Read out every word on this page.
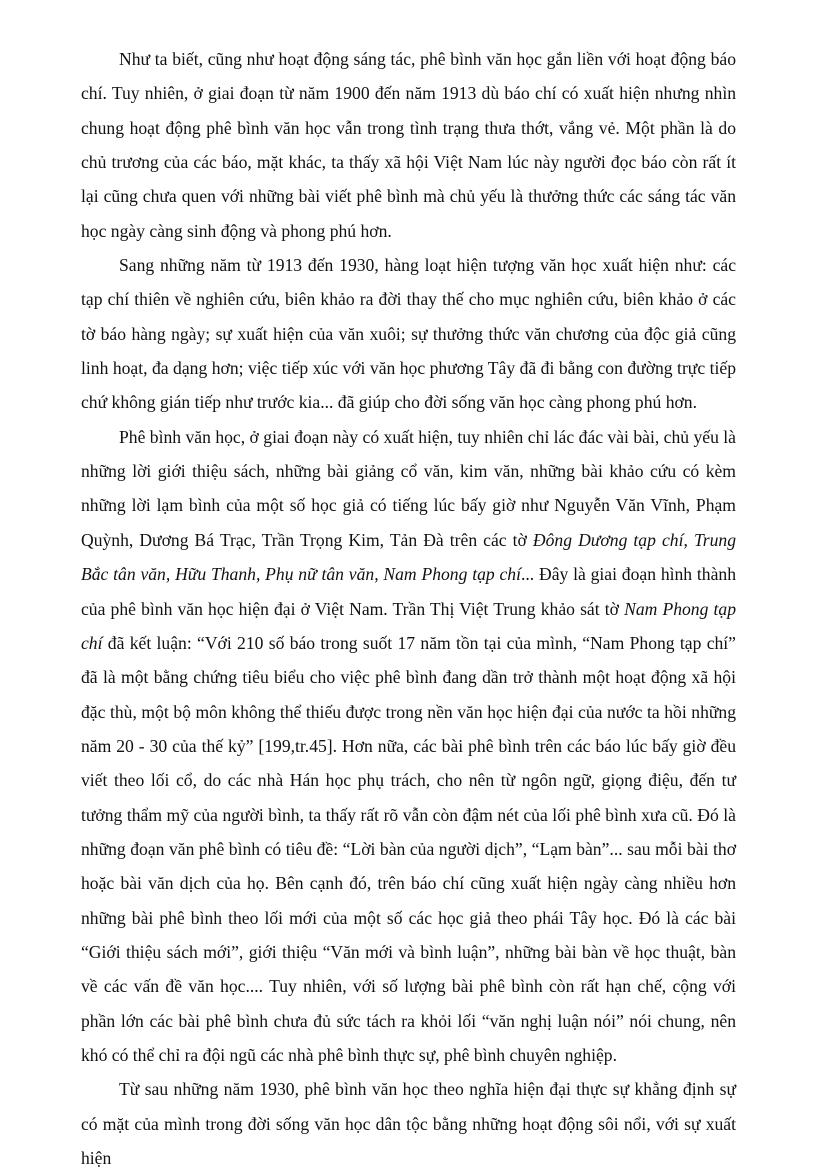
Như ta biết, cũng như hoạt động sáng tác, phê bình văn học gắn liền với hoạt động báo chí. Tuy nhiên, ở giai đoạn từ năm 1900 đến năm 1913 dù báo chí có xuất hiện nhưng nhìn chung hoạt động phê bình văn học vẫn trong tình trạng thưa thớt, vắng vẻ. Một phần là do chủ trương của các báo, mặt khác, ta thấy xã hội Việt Nam lúc này người đọc báo còn rất ít lại cũng chưa quen với những bài viết phê bình mà chủ yếu là thưởng thức các sáng tác văn học ngày càng sinh động và phong phú hơn.

Sang những năm từ 1913 đến 1930, hàng loạt hiện tượng văn học xuất hiện như: các tạp chí thiên về nghiên cứu, biên khảo ra đời thay thế cho mục nghiên cứu, biên khảo ở các tờ báo hàng ngày; sự xuất hiện của văn xuôi; sự thưởng thức văn chương của độc giả cũng linh hoạt, đa dạng hơn; việc tiếp xúc với văn học phương Tây đã đi bằng con đường trực tiếp chứ không gián tiếp như trước kia... đã giúp cho đời sống văn học càng phong phú hơn.

Phê bình văn học, ở giai đoạn này có xuất hiện, tuy nhiên chỉ lác đác vài bài, chủ yếu là những lời giới thiệu sách, những bài giảng cổ văn, kim văn, những bài khảo cứu có kèm những lời lạm bình của một số học giả có tiếng lúc bấy giờ như Nguyễn Văn Vĩnh, Phạm Quỳnh, Dương Bá Trạc, Trần Trọng Kim, Tản Đà trên các tờ Đông Dương tạp chí, Trung Bắc tân văn, Hữu Thanh, Phụ nữ tân văn, Nam Phong tạp chí... Đây là giai đoạn hình thành của phê bình văn học hiện đại ở Việt Nam. Trần Thị Việt Trung khảo sát tờ Nam Phong tạp chí đã kết luận: “Với 210 số báo trong suốt 17 năm tồn tại của mình, “Nam Phong tạp chí” đã là một bằng chứng tiêu biểu cho việc phê bình đang dần trở thành một hoạt động xã hội đặc thù, một bộ môn không thể thiếu được trong nền văn học hiện đại của nước ta hồi những năm 20 - 30 của thế kỷ” [199,tr.45]. Hơn nữa, các bài phê bình trên các báo lúc bấy giờ đều viết theo lối cổ, do các nhà Hán học phụ trách, cho nên từ ngôn ngữ, giọng điệu, đến tư tưởng thẩm mỹ của người bình, ta thấy rất rõ vẫn còn đậm nét của lối phê bình xưa cũ. Đó là những đoạn văn phê bình có tiêu đề: “Lời bàn của người dịch”, “Lạm bàn”... sau mỗi bài thơ hoặc bài văn dịch của họ. Bên cạnh đó, trên báo chí cũng xuất hiện ngày càng nhiều hơn những bài phê bình theo lối mới của một số các học giả theo phái Tây học. Đó là các bài “Giới thiệu sách mới”, giới thiệu “Văn mới và bình luận”, những bài bàn về học thuật, bàn về các vấn đề văn học.... Tuy nhiên, với số lượng bài phê bình còn rất hạn chế, cộng với phần lớn các bài phê bình chưa đủ sức tách ra khỏi lối “văn nghị luận nói” nói chung, nên khó có thể chỉ ra đội ngũ các nhà phê bình thực sự, phê bình chuyên nghiệp.

Từ sau những năm 1930, phê bình văn học theo nghĩa hiện đại thực sự khẳng định sự có mặt của mình trong đời sống văn học dân tộc bằng những hoạt động sôi nổi, với sự xuất hiện
